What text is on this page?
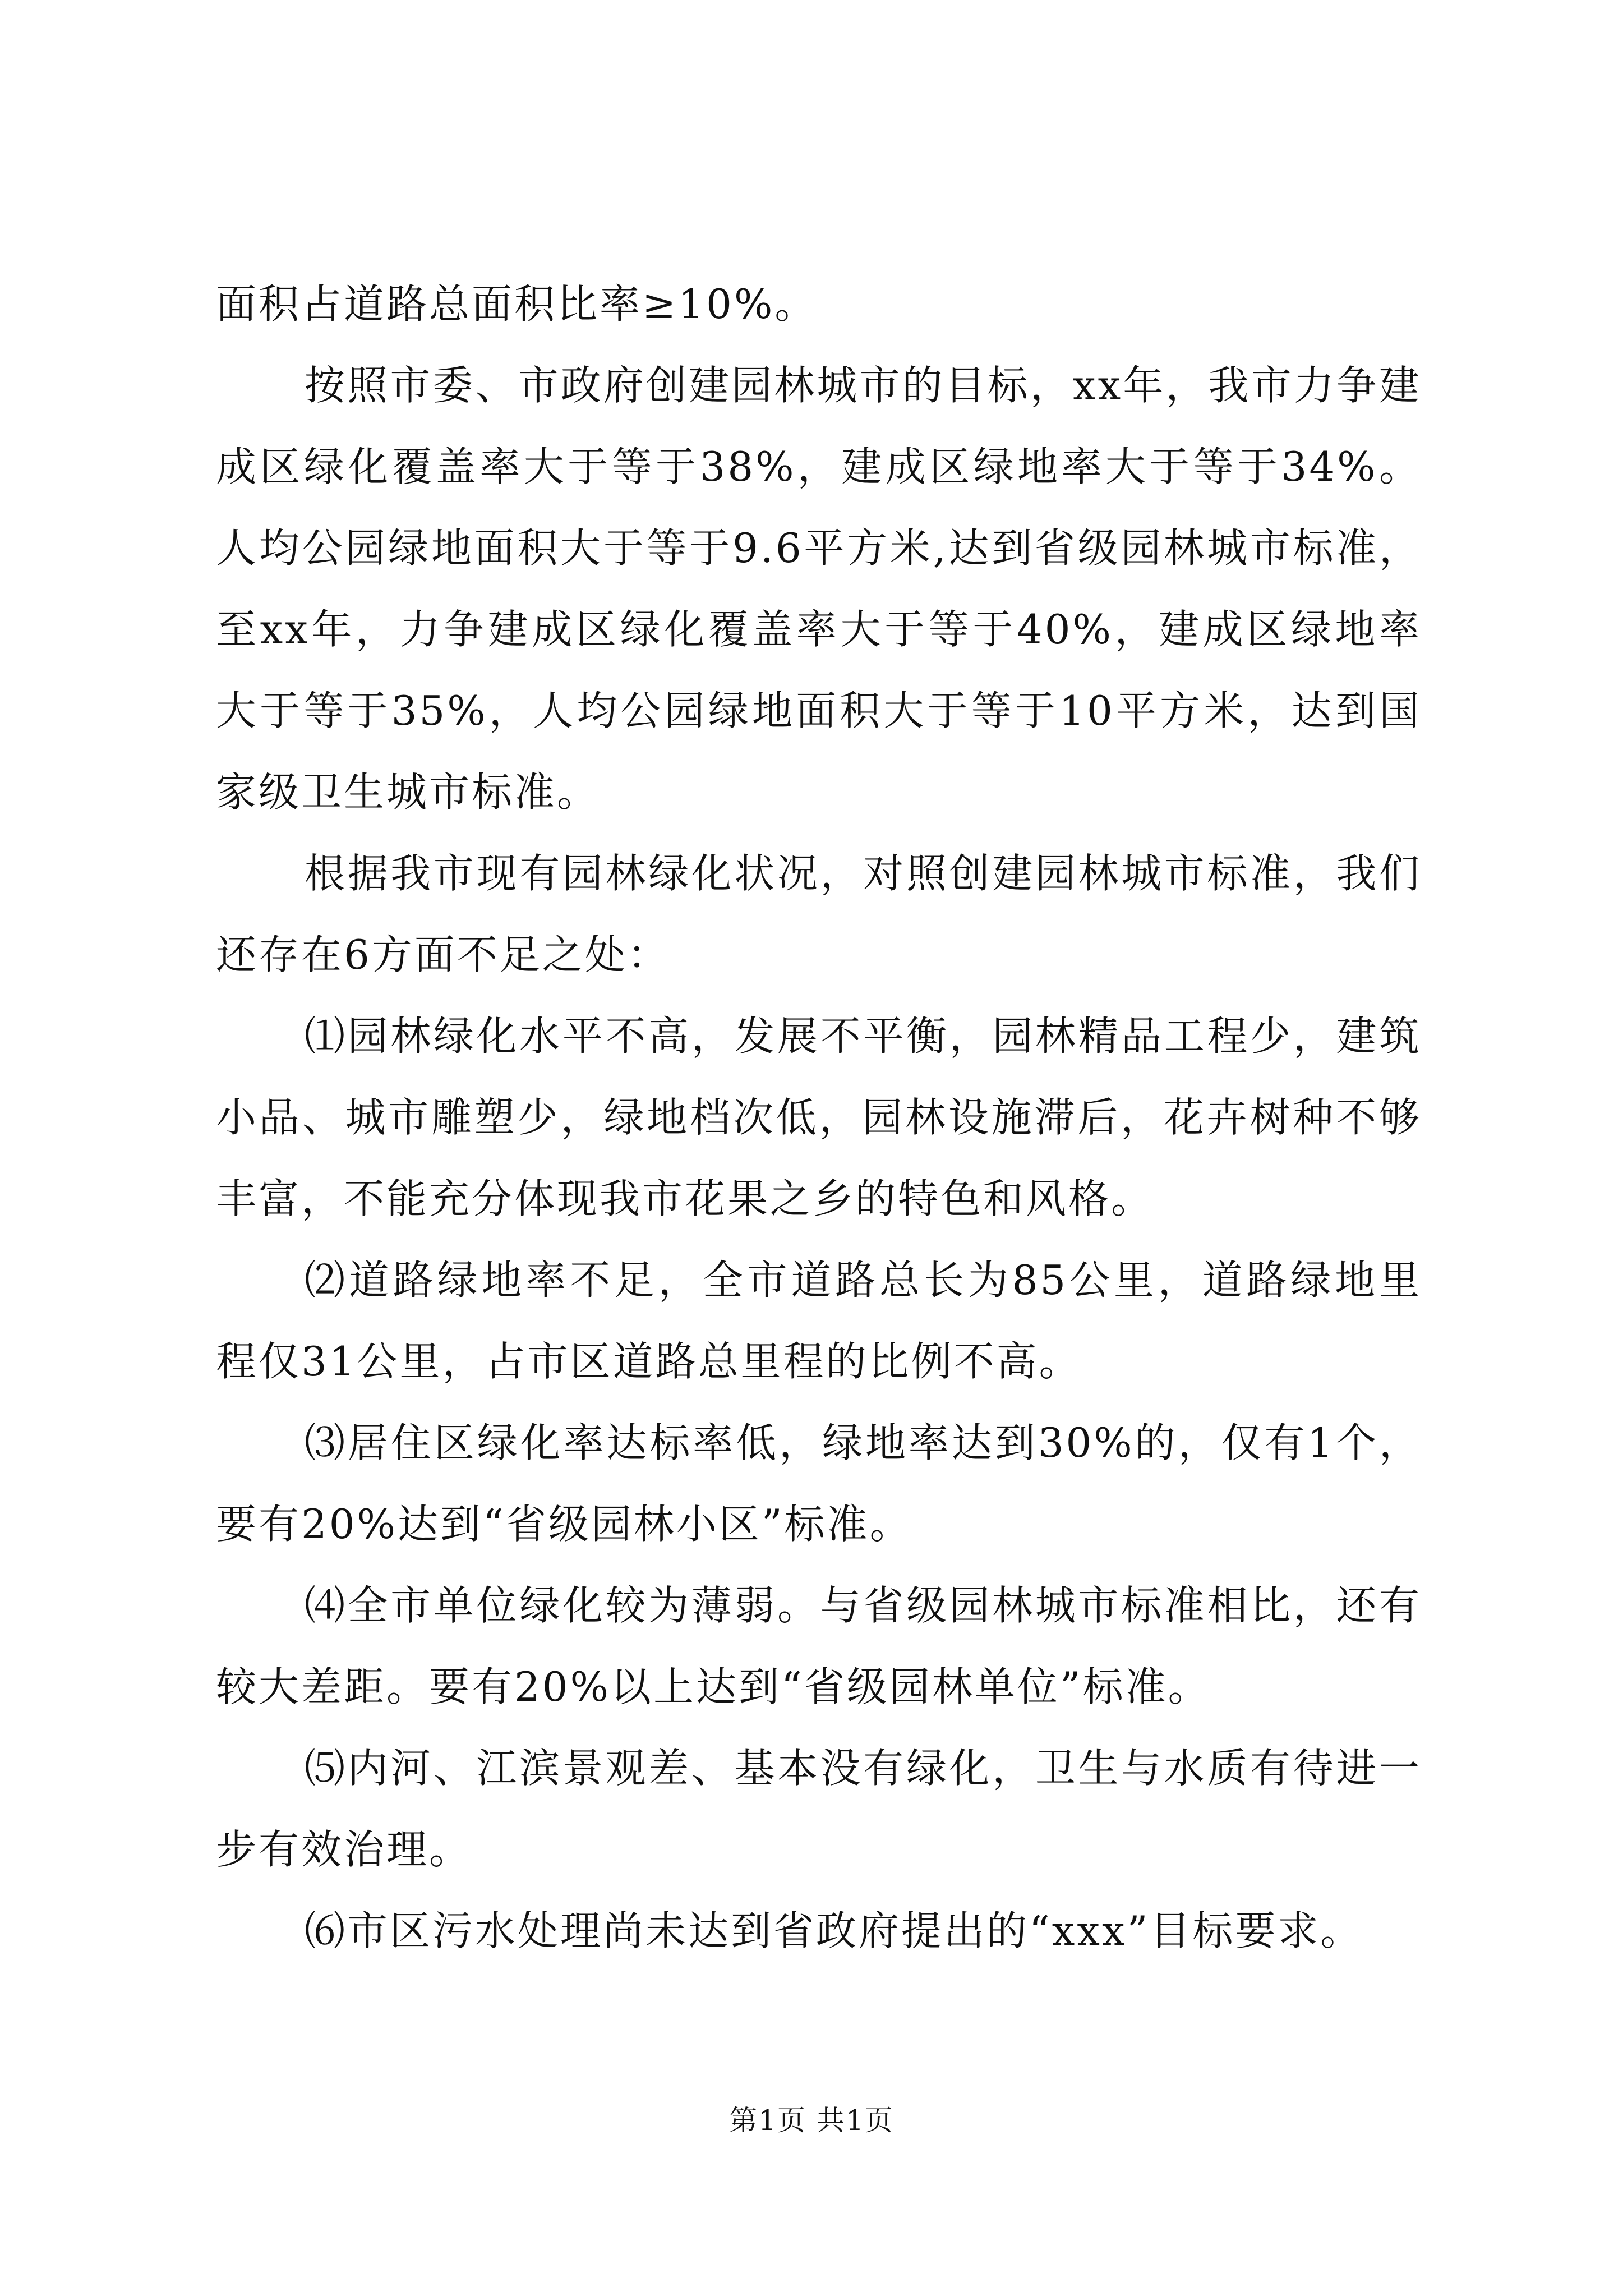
面积占道路总面积比率≥10%。

按照市委、市政府创建园林城市的目标，xx年，我市力争建成区绿化覆盖率大于等于38%，建成区绿地率大于等于34%。人均公园绿地面积大于等于9.6平方米,达到省级园林城市标准，至xx年，力争建成区绿化覆盖率大于等于40%，建成区绿地率大于等于35%，人均公园绿地面积大于等于10平方米，达到国家级卫生城市标准。

根据我市现有园林绿化状况，对照创建园林城市标准，我们还存在6方面不足之处：

⑴园林绿化水平不高，发展不平衡，园林精品工程少，建筑小品、城市雕塑少，绿地档次低，园林设施滞后，花卉树种不够丰富，不能充分体现我市花果之乡的特色和风格。

⑵道路绿地率不足，全市道路总长为85公里，道路绿地里程仅31公里，占市区道路总里程的比例不高。

⑶居住区绿化率达标率低，绿地率达到30%的，仅有1个，要有20%达到“省级园林小区”标准。

⑷全市单位绿化较为薄弱。与省级园林城市标准相比，还有较大差距。要有20%以上达到“省级园林单位”标准。

⑸内河、江滨景观差、基本没有绿化，卫生与水质有待进一步有效治理。

⑹市区污水处理尚未达到省政府提出的“xxx”目标要求。

第1页 共1页
